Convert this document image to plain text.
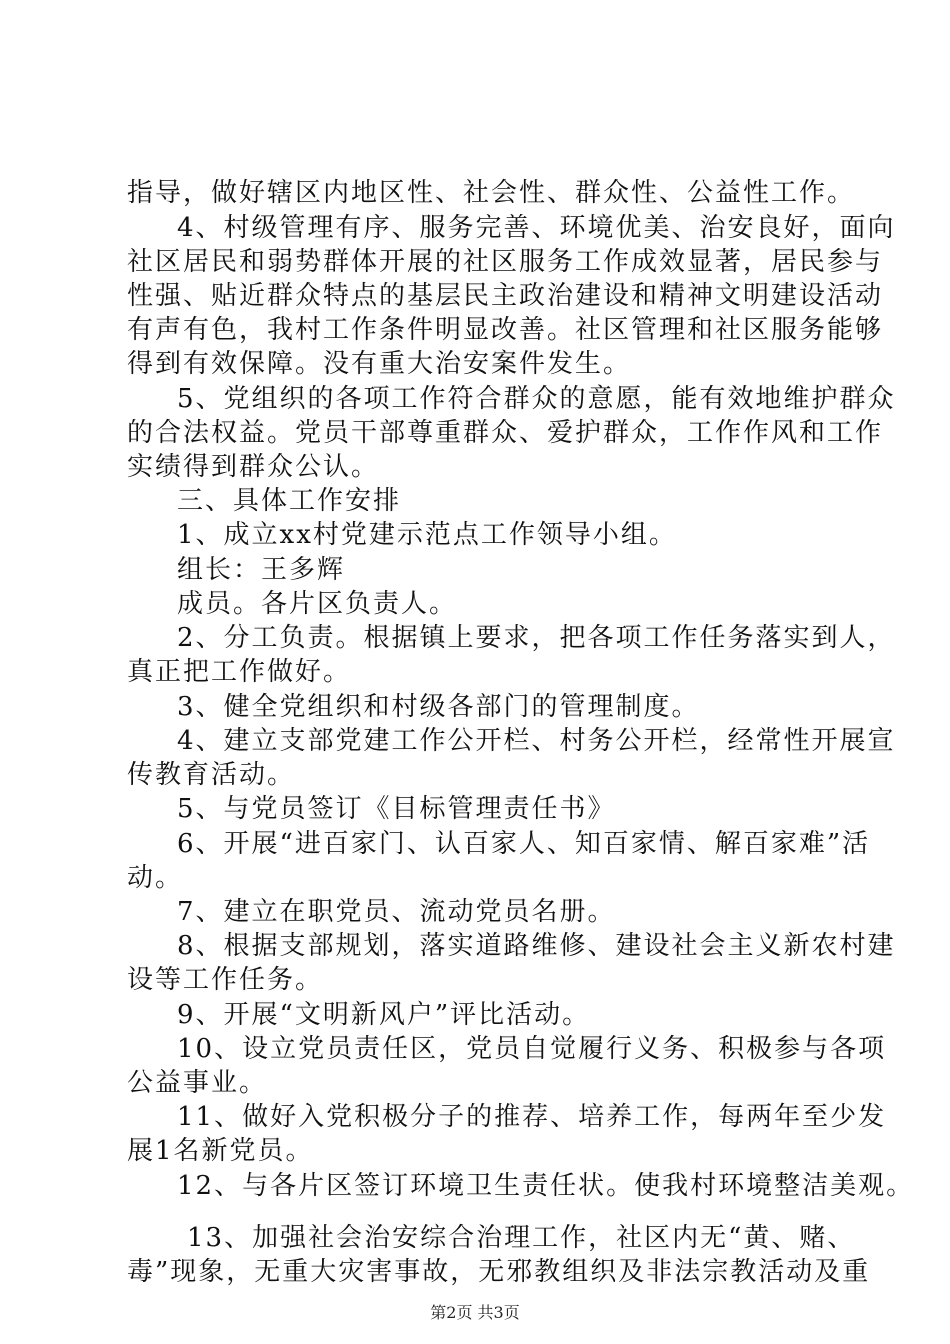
指导，做好辖区内地区性、社会性、群众性、公益性工作。
4、村级管理有序、服务完善、环境优美、治安良好，面向
社区居民和弱势群体开展的社区服务工作成效显著，居民参与
性强、贴近群众特点的基层民主政治建设和精神文明建设活动
有声有色，我村工作条件明显改善。社区管理和社区服务能够
得到有效保障。没有重大治安案件发生。
5、党组织的各项工作符合群众的意愿，能有效地维护群众
的合法权益。党员干部尊重群众、爱护群众，工作作风和工作
实绩得到群众公认。
三、具体工作安排
1、成立xx村党建示范点工作领导小组。
组长：王多辉
成员。各片区负责人。
2、分工负责。根据镇上要求，把各项工作任务落实到人，
真正把工作做好。
3、健全党组织和村级各部门的管理制度。
4、建立支部党建工作公开栏、村务公开栏，经常性开展宣
传教育活动。
5、与党员签订《目标管理责任书》
6、开展“进百家门、认百家人、知百家情、解百家难”活
动。
7、建立在职党员、流动党员名册。
8、根据支部规划，落实道路维修、建设社会主义新农村建
设等工作任务。
9、开展“文明新风户”评比活动。
10、设立党员责任区，党员自觉履行义务、积极参与各项
公益事业。
11、做好入党积极分子的推荐、培养工作，每两年至少发
展1名新党员。
12、与各片区签订环境卫生责任状。使我村环境整洁美观。
13、加强社会治安综合治理工作，社区内无“黄、赌、
毒”现象，无重大灾害事故，无邪教组织及非法宗教活动及重
第2页 共3页
